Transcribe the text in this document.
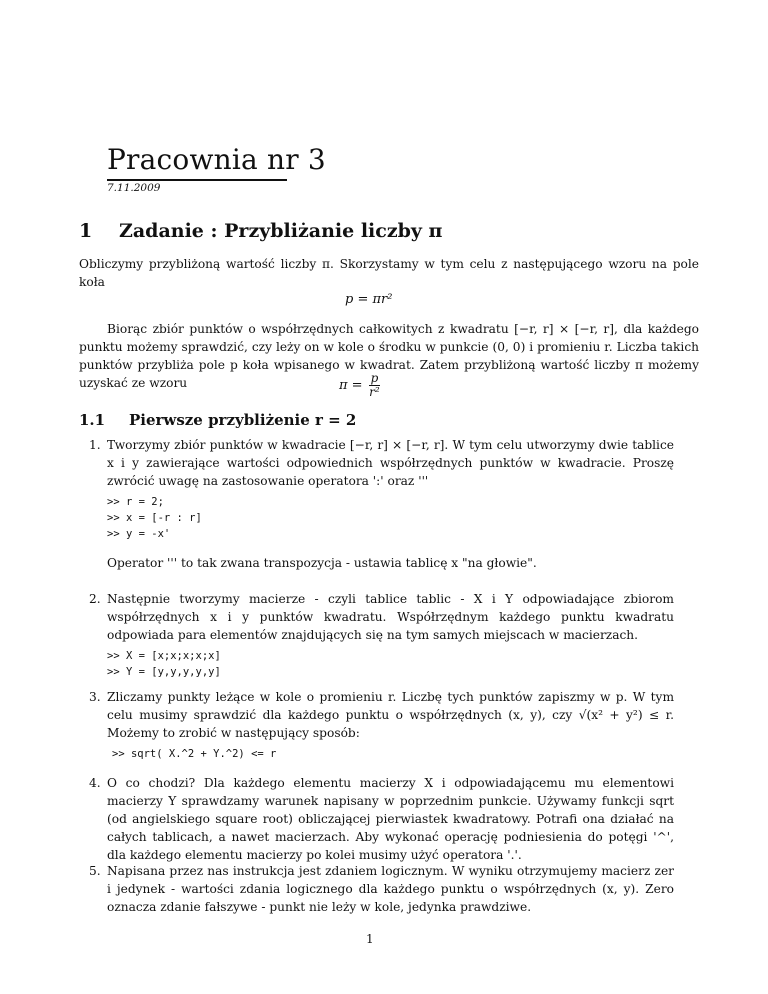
Pracownia nr 3
7.11.2009
1 Zadanie : Przybliżanie liczby π
Obliczymy przybliżoną wartość liczby π. Skorzystamy w tym celu z następującego wzoru na pole koła
p = πr²
Biorąc zbiór punktów o współrzędnych całkowitych z kwadratu [−r, r] × [−r, r], dla każdego punktu możemy sprawdzić, czy leży on w kole o środku w punkcie (0, 0) i promieniu r. Liczba takich punktów przybliża pole p koła wpisanego w kwadrat. Zatem przybliżoną wartość liczby π możemy uzyskać ze wzoru	$\pi = \frac{p}{\text{r²}}$
1.1 Pierwsze przybliżenie r = 2
1. Tworzymy zbiór punktów w kwadracie [−r, r] × [−r, r]. W tym celu utworzymy dwie tablice x i y zawierające wartości odpowiednich współrzędnych punktów w kwadracie. Proszę zwrócić uwagę na zastosowanie operatora ':' oraz '''
>> r = 2;
>> x = [-r : r]
>> y = -x'
Operator ''' to tak zwana transpozycja - ustawia tablicę x "na głowie".
2. Następnie tworzymy macierze - czyli tablice tablic - X i Y odpowiadające zbiorom współrzędnych x i y punktów kwadratu. Współrzędnym każdego punktu kwadratu odpowiada para elementów znajdujących się na tym samych miejscach w macierzach.
>> X = [x;x;x;x;x]
>> Y = [y,y,y,y,y]
3. Zliczamy punkty leżące w kole o promieniu r. Liczbę tych punktów zapiszmy w p. W tym celu musimy sprawdzić dla każdego punktu o współrzędnych (x, y), czy √(x² + y²) ≤ r. Możemy to zrobić w następujący sposób:
>> sqrt( X.^2 + Y.^2) <= r
4. O co chodzi? Dla każdego elementu macierzy X i odpowiadającemu mu elementowi macierzy Y sprawdzamy warunek napisany w poprzednim punkcie. Używamy funkcji sqrt (od angielskiego square root) obliczającej pierwiastek kwadratowy. Potrafi ona działać na całych tablicach, a nawet macierzach. Aby wykonać operację podniesienia do potęgi '^', dla każdego elementu macierzy po kolei musimy użyć operatora '.'.
5. Napisana przez nas instrukcja jest zdaniem logicznym. W wyniku otrzymujemy macierz zer i jedynek - wartości zdania logicznego dla każdego punktu o współrzędnych (x, y). Zero oznacza zdanie fałszywe - punkt nie leży w kole, jedynka prawdziwe.
1
